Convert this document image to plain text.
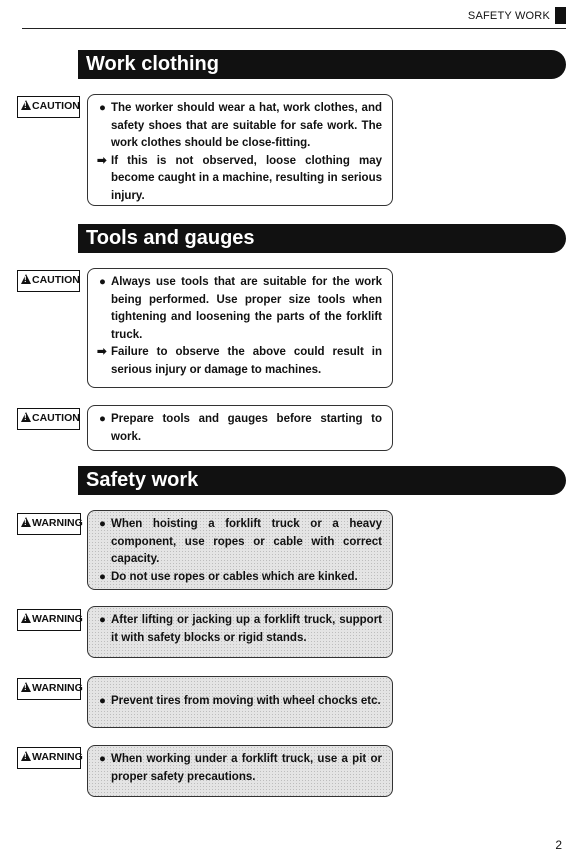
SAFETY WORK
Work clothing
!CAUTION ● The worker should wear a hat, work clothes, and safety shoes that are suitable for safe work. The work clothes should be close-fitting.
➡ If this is not observed, loose clothing may become caught in a machine, resulting in serious injury.
Tools and gauges
!CAUTION ● Always use tools that are suitable for the work being performed. Use proper size tools when tightening and loosening the parts of the forklift truck.
➡ Failure to observe the above could result in serious injury or damage to machines.
!CAUTION ● Prepare tools and gauges before starting to work.
Safety work
!WARNING ● When hoisting a forklift truck or a heavy component, use ropes or cable with correct capacity.
● Do not use ropes or cables which are kinked.
!WARNING ● After lifting or jacking up a forklift truck, support it with safety blocks or rigid stands.
!WARNING
● Prevent tires from moving with wheel chocks etc.
!WARNING ● When working under a forklift truck, use a pit or proper safety precautions.
2
